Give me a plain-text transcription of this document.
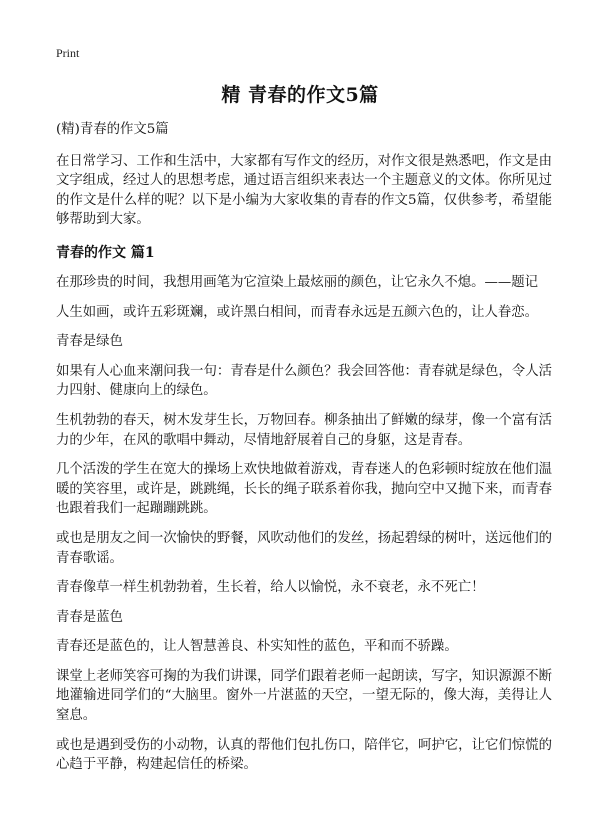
Print
精 青春的作文5篇

(精)青春的作文5篇

在日常学习、工作和生活中，大家都有写作文的经历，对作文很是熟悉吧，作文是由文字组成，经过人的思想考虑，通过语言组织来表达一个主题意义的文体。你所见过的作文是什么样的呢？以下是小编为大家收集的青春的作文5篇，仅供参考，希望能够帮助到大家。

青春的作文 篇1

在那珍贵的时间，我想用画笔为它渲染上最炫丽的颜色，让它永久不熄。——题记

人生如画，或许五彩斑斓，或许黑白相间，而青春永远是五颜六色的，让人眷恋。

青春是绿色

如果有人心血来潮问我一句：青春是什么颜色？我会回答他：青春就是绿色，令人活力四射、健康向上的绿色。

生机勃勃的春天，树木发芽生长，万物回春。柳条抽出了鲜嫩的绿芽，像一个富有活力的少年，在风的歌唱中舞动，尽情地舒展着自己的身躯，这是青春。

几个活泼的学生在宽大的操场上欢快地做着游戏，青春迷人的色彩顿时绽放在他们温暖的笑容里，或许是，跳跳绳，长长的绳子联系着你我，抛向空中又抛下来，而青春也跟着我们一起蹦蹦跳跳。

或也是朋友之间一次愉快的野餐，风吹动他们的发丝，扬起碧绿的树叶，送远他们的青春歌谣。

青春像草一样生机勃勃着，生长着，给人以愉悦，永不衰老，永不死亡！

青春是蓝色

青春还是蓝色的，让人智慧善良、朴实知性的蓝色，平和而不骄躁。

课堂上老师笑容可掬的为我们讲课，同学们跟着老师一起朗读，写字，知识源源不断地灌输进同学们的“大脑里。窗外一片湛蓝的天空，一望无际的，像大海，美得让人窒息。

或也是遇到受伤的小动物，认真的帮他们包扎伤口，陪伴它，呵护它，让它们惊慌的心趋于平静，构建起信任的桥梁。
